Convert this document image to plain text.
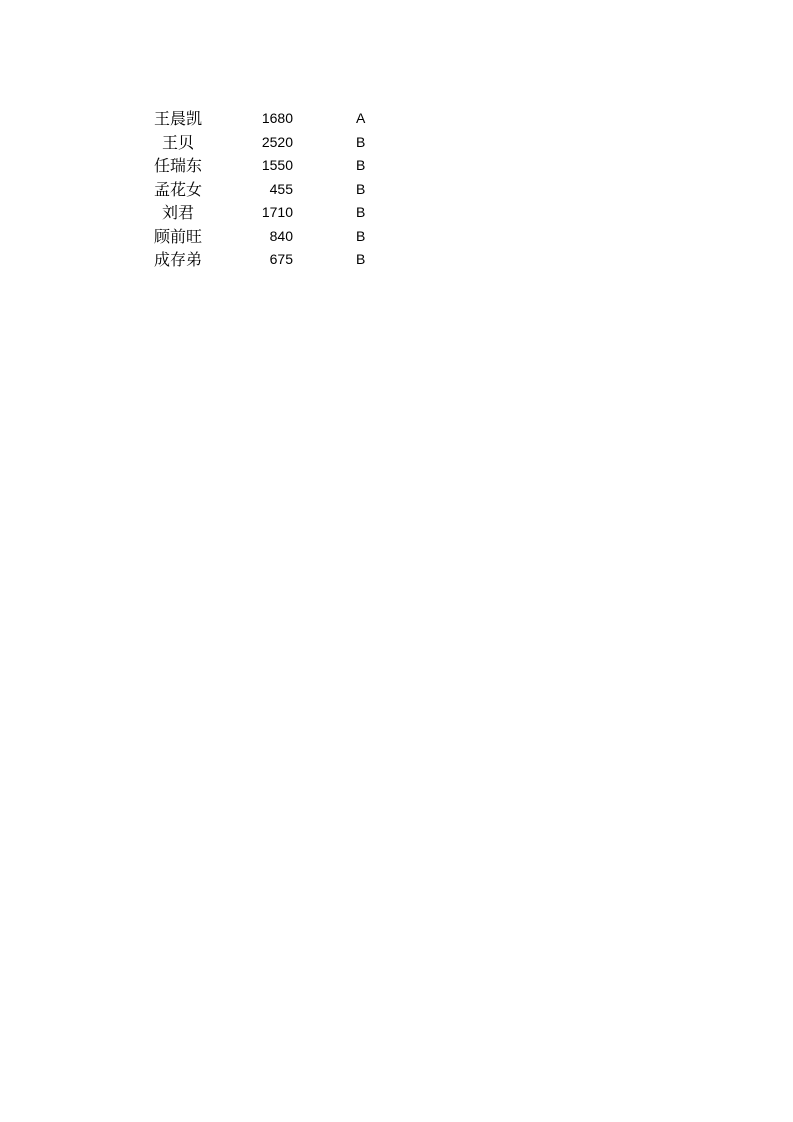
王晨凯	1680	A
王贝	2520	B
任瑞东	1550	B
孟花女	455	B
刘君	1710	B
顾前旺	840	B
成存弟	675	B
